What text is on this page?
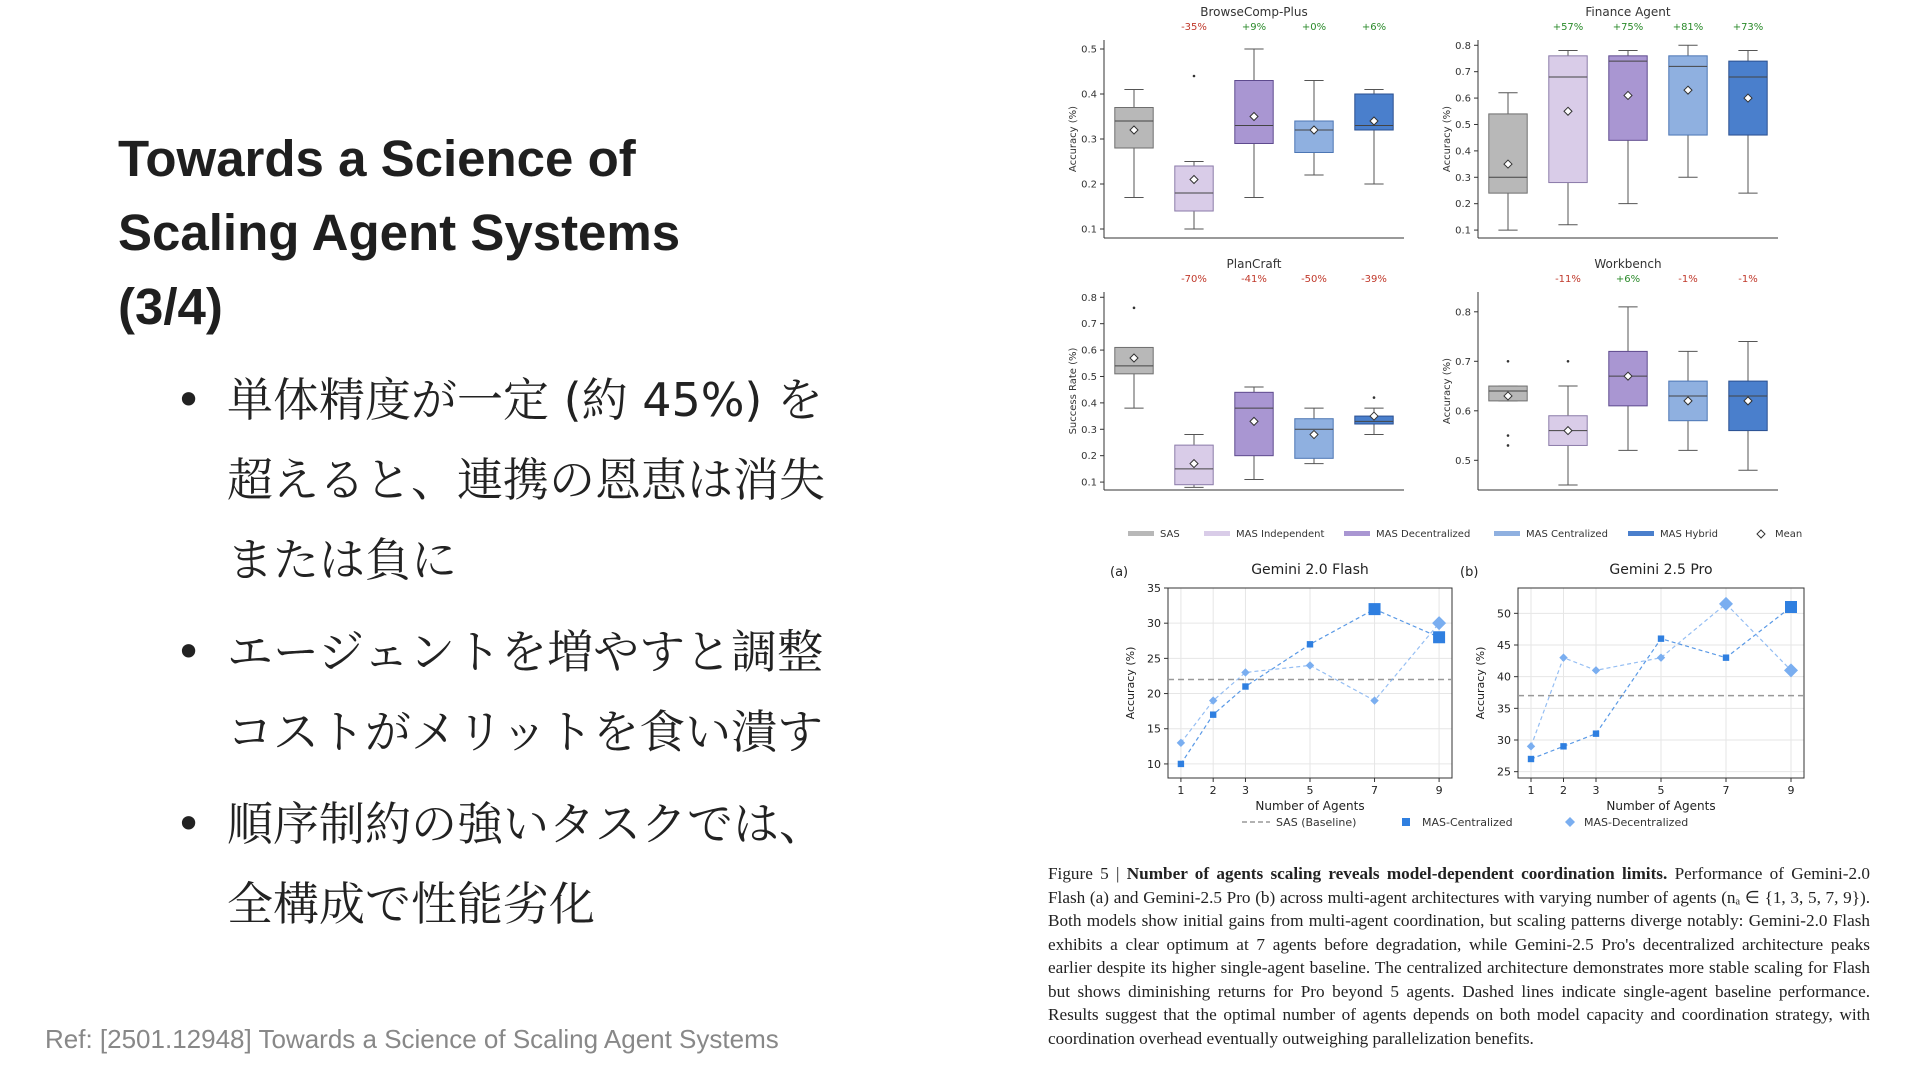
Towards a Science of
Scaling Agent Systems
(3/4)
• 単体精度が一定 (約 45%) を超えると、連携の恩恵は消失または負に
• エージェントを増やすと調整コストがメリットを食い潰す
• 順序制約の強いタスクでは、全構成で性能劣化
Ref: [2501.12948] Towards a Science of Scaling Agent Systems
BrowseComp-Plus
Accuracy (%)
0.1
0.2
0.3
0.4
0.5
-35%	+9%	+0%	+6%
Finance Agent
Accuracy (%)
0.1
0.2
0.3
0.4
0.5
0.6
0.7
0.8
+57%	+75%	+81%	+73%
PlanCraft
Success Rate (%)
0.1
0.2
0.3
0.4
0.5
0.6
0.7
0.8
-70%	-41%	-50%	-39%
Workbench
Accuracy (%)
0.5
0.6
0.7
0.8
-11%	+6%	-1%	-1%
SAS	MAS Independent	MAS Decentralized	MAS Centralized	MAS Hybrid	Mean
Gemini 2.0 Flash
(a)
Number of Agents
Accuracy (%)
10
15
20
25
30
35
1 2 3	5	7	9
Gemini 2.5 Pro
(b)
Number of Agents
Accuracy (%)
25
30
35
40
45
50
1 2 3	5	7	9
SAS (Baseline)	MAS-Centralized	MAS-Decentralized
Figure 5 | Number of agents scaling reveals model-dependent coordination limits. Performance of Gemini-2.0 Flash (a) and Gemini-2.5 Pro (b) across multi-agent architectures with varying number of agents (nₐ ∈ {1, 3, 5, 7, 9}). Both models show initial gains from multi-agent coordination, but scaling patterns diverge notably: Gemini-2.0 Flash exhibits a clear optimum at 7 agents before degradation, while Gemini-2.5 Pro's decentralized architecture peaks earlier despite its higher single-agent baseline. The centralized architecture demonstrates more stable scaling for Flash but shows diminishing returns for Pro beyond 5 agents. Dashed lines indicate single-agent baseline performance. Results suggest that the optimal number of agents depends on both model capacity and coordination strategy, with coordination overhead eventually outweighing parallelization benefits.
